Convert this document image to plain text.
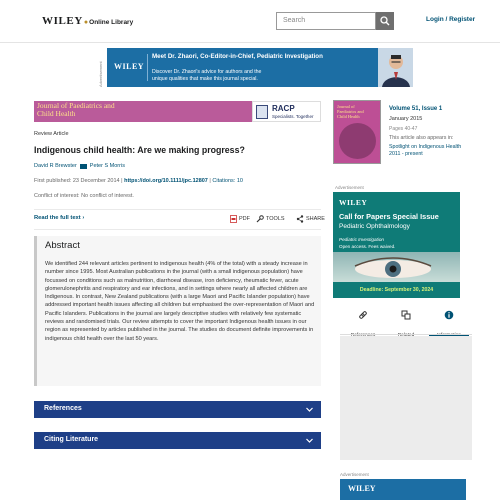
WILEY ● Online Library	Search	Login / Register
Advertisement WILEY
Meet Dr. Zhaori, Co-Editor-in-Chief, Pediatric Investigation
Discover Dr. Zhaori's advice for authors and the
unique qualities that make this journal special.
Journal of Paediatrics and
Child Health
RACP
Specialists. Together
Review Article
Indigenous child health: Are we making progress?
David R Brewster Peter S Morris
First published: 23 December 2014 | https://doi.org/10.1111/jpc.12807 | Citations: 10
Conflict of interest: No conflict of interest.
Read the full text ›	PDF	TOOLS	SHARE
Abstract
We identified 244 relevant articles pertinent to indigenous health (4% of the total) with a steady increase in number since 1995. Most Australian publications in the journal (with a small indigenous population) have focussed on conditions such as malnutrition, diarrhoeal disease, iron deficiency, rheumatic fever, acute glomerulonephritis and respiratory and ear infections, and in settings where nearly all affected children are Indigenous. In contrast, New Zealand publications (with a large Maori and Pacific Islander population) have addressed important health issues affecting all children but emphasised the over-representation of Maori and Pacific Islanders. Publications in the journal are largely descriptive studies with relatively few systematic reviews and randomised trials. Our review attempts to cover the important Indigenous health issues in our region as represented by articles published in the journal. The studies do document definite improvements in indigenous child health over the last 50 years.
References
Citing Literature
Journal of
Paediatrics and
Child Health
Volume 51, Issue 1
January 2015
Pages 40-47
This article also appears in:
Spotlight on Indigenous Health 2011 - present
Advertisement
WILEY
Call for Papers Special Issue
Pediatric Ophthalmology
Pediatric Investigation
Open access. Fees waived.
Deadline: September 30, 2024
Advertisement
WILEY
